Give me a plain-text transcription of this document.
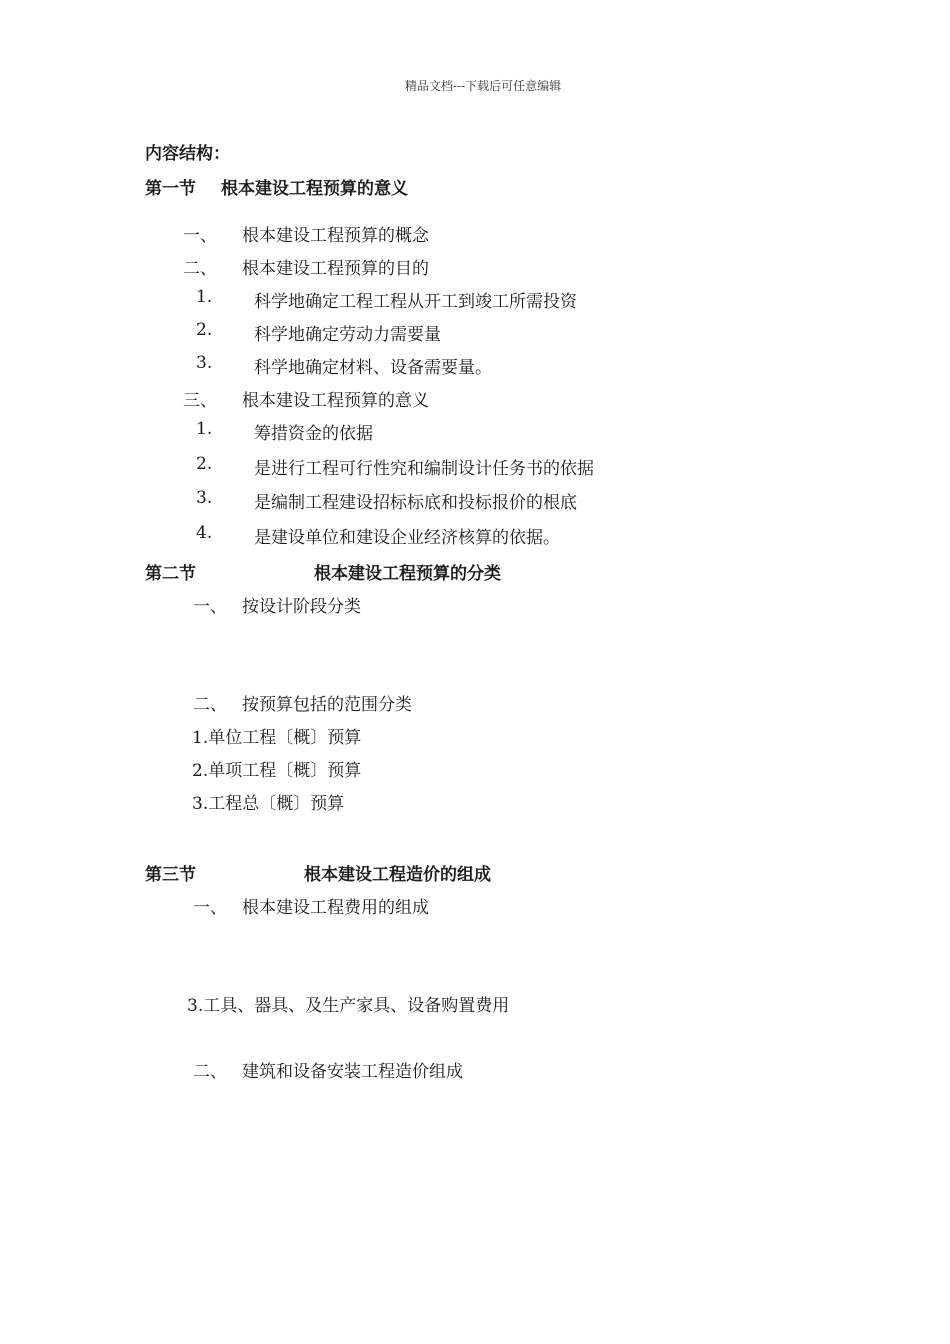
精品文档---下载后可任意编辑
内容结构：
第一节 根本建设工程预算的意义
一、 根本建设工程预算的概念
二、 根本建设工程预算的目的
1. 科学地确定工程工程从开工到竣工所需投资
2. 科学地确定劳动力需要量
3. 科学地确定材料、设备需要量。
三、 根本建设工程预算的意义
1. 筹措资金的依据
2. 是进行工程可行性究和编制设计任务书的依据
3. 是编制工程建设招标标底和投标报价的根底
4. 是建设单位和建设企业经济核算的依据。
第二节	根本建设工程预算的分类
一、 按设计阶段分类
二、 按预算包括的范围分类
1.单位工程〔概〕预算
2.单项工程〔概〕预算
3.工程总〔概〕预算
第三节	根本建设工程造价的组成
一、 根本建设工程费用的组成
3.工具、器具、及生产家具、设备购置费用
二、 建筑和设备安装工程造价组成
